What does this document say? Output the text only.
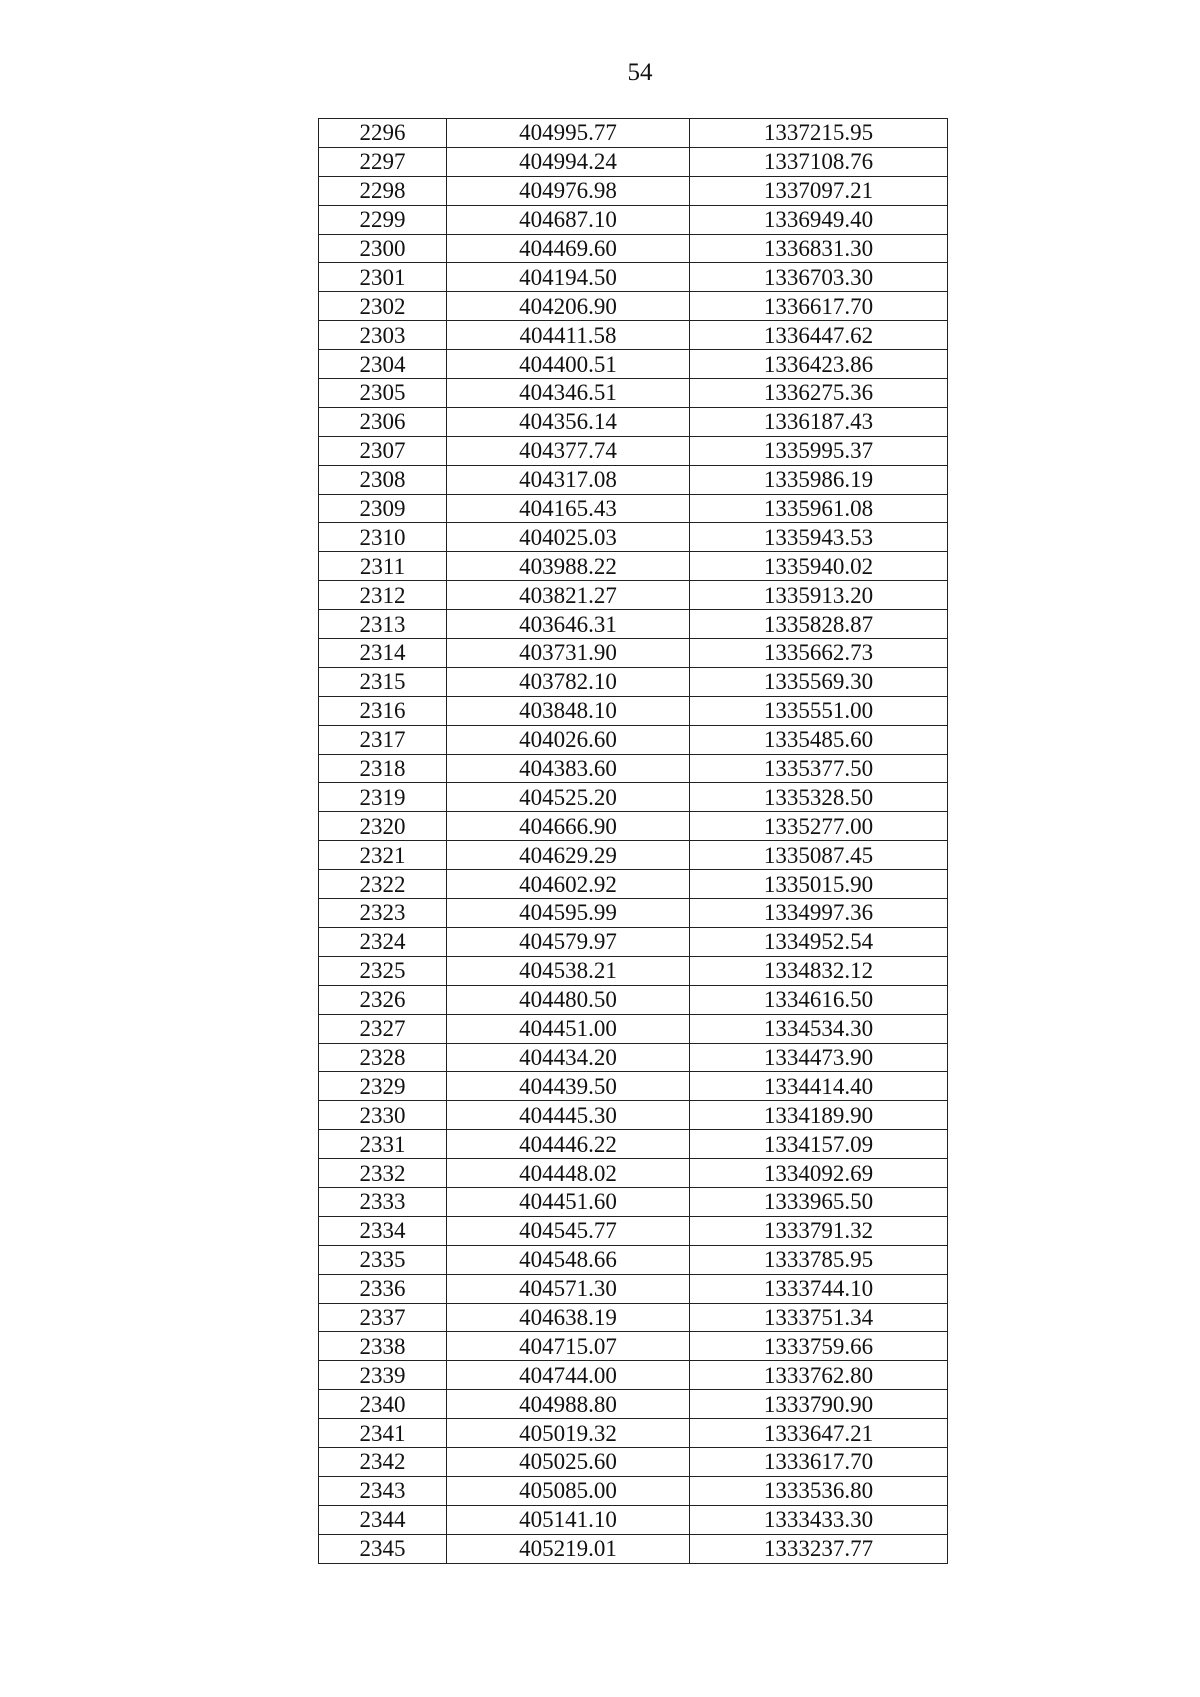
54
2296	404995.77	1337215.95
2297	404994.24	1337108.76
2298	404976.98	1337097.21
2299	404687.10	1336949.40
2300	404469.60	1336831.30
2301	404194.50	1336703.30
2302	404206.90	1336617.70
2303	404411.58	1336447.62
2304	404400.51	1336423.86
2305	404346.51	1336275.36
2306	404356.14	1336187.43
2307	404377.74	1335995.37
2308	404317.08	1335986.19
2309	404165.43	1335961.08
2310	404025.03	1335943.53
2311	403988.22	1335940.02
2312	403821.27	1335913.20
2313	403646.31	1335828.87
2314	403731.90	1335662.73
2315	403782.10	1335569.30
2316	403848.10	1335551.00
2317	404026.60	1335485.60
2318	404383.60	1335377.50
2319	404525.20	1335328.50
2320	404666.90	1335277.00
2321	404629.29	1335087.45
2322	404602.92	1335015.90
2323	404595.99	1334997.36
2324	404579.97	1334952.54
2325	404538.21	1334832.12
2326	404480.50	1334616.50
2327	404451.00	1334534.30
2328	404434.20	1334473.90
2329	404439.50	1334414.40
2330	404445.30	1334189.90
2331	404446.22	1334157.09
2332	404448.02	1334092.69
2333	404451.60	1333965.50
2334	404545.77	1333791.32
2335	404548.66	1333785.95
2336	404571.30	1333744.10
2337	404638.19	1333751.34
2338	404715.07	1333759.66
2339	404744.00	1333762.80
2340	404988.80	1333790.90
2341	405019.32	1333647.21
2342	405025.60	1333617.70
2343	405085.00	1333536.80
2344	405141.10	1333433.30
2345	405219.01	1333237.77
